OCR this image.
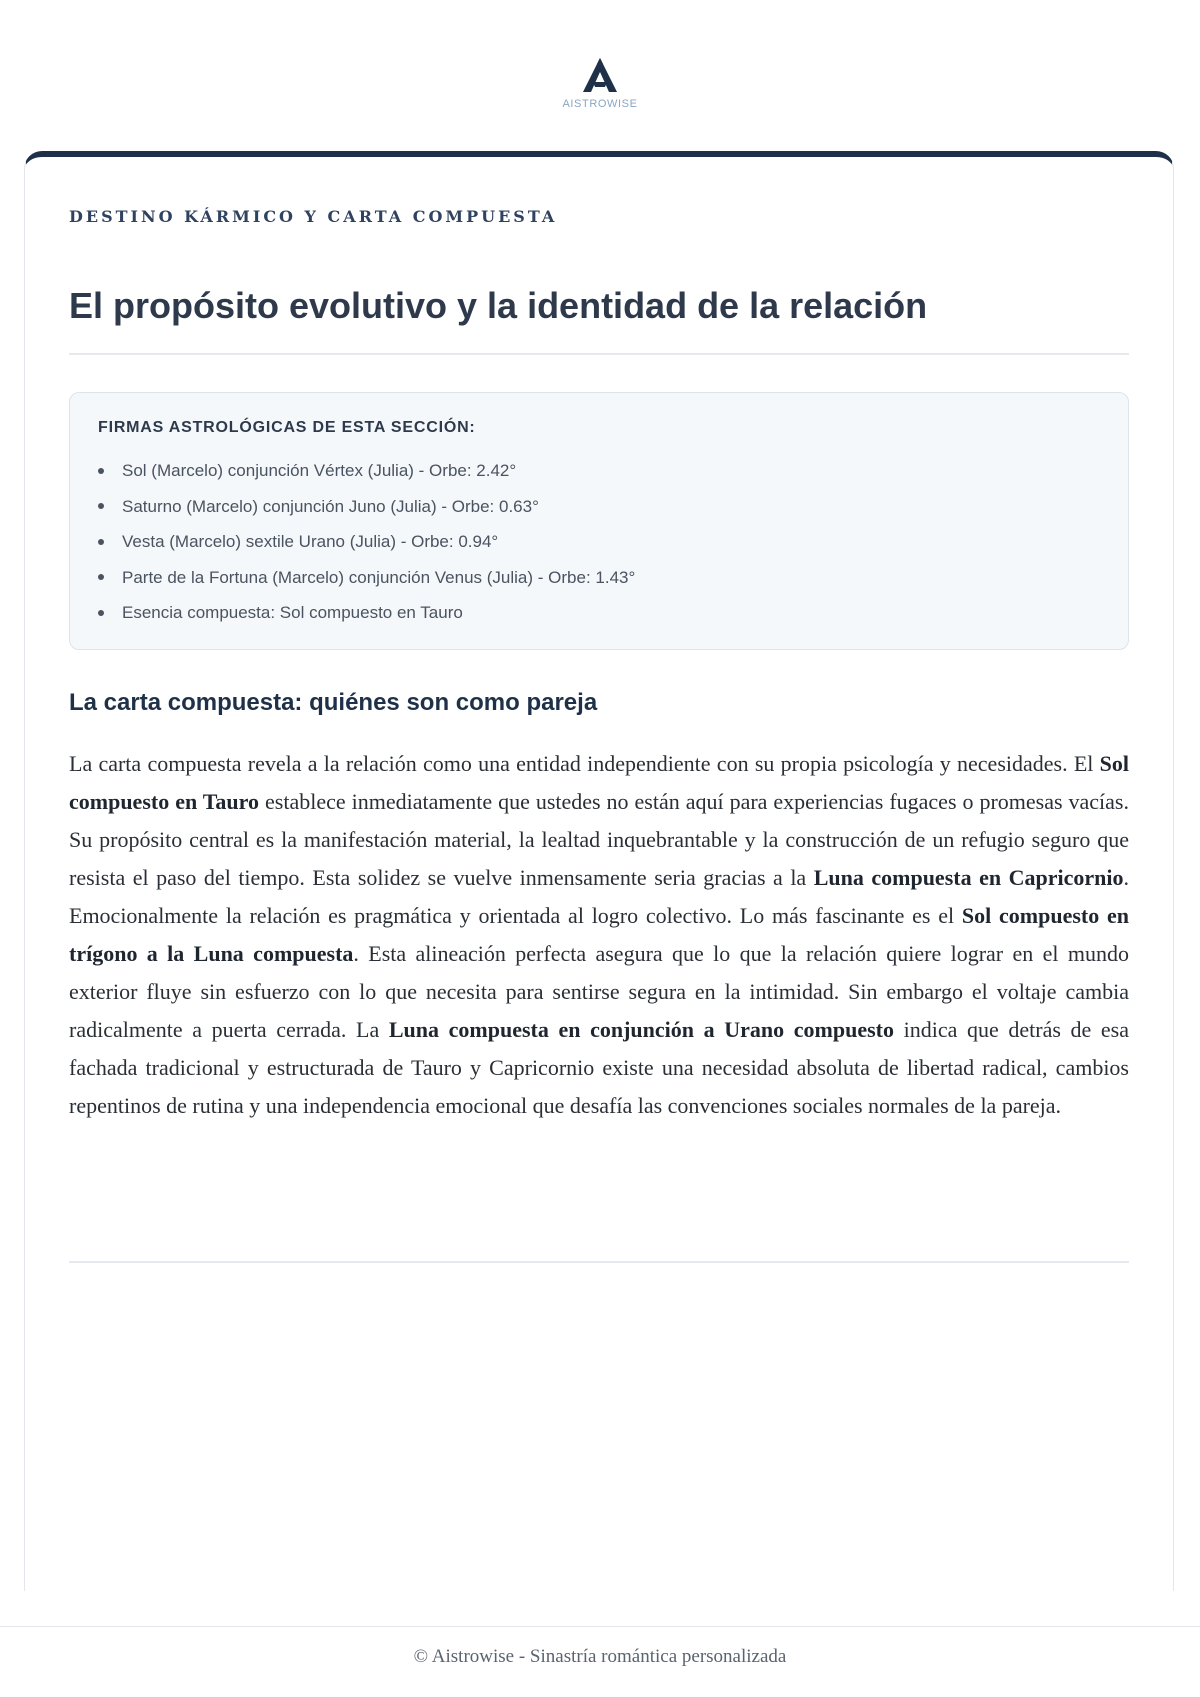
AISTROWISE
DESTINO KÁRMICO Y CARTA COMPUESTA
El propósito evolutivo y la identidad de la relación
FIRMAS ASTROLÓGICAS DE ESTA SECCIÓN:
Sol (Marcelo) conjunción Vértex (Julia) - Orbe: 2.42°
Saturno (Marcelo) conjunción Juno (Julia) - Orbe: 0.63°
Vesta (Marcelo) sextile Urano (Julia) - Orbe: 0.94°
Parte de la Fortuna (Marcelo) conjunción Venus (Julia) - Orbe: 1.43°
Esencia compuesta: Sol compuesto en Tauro
La carta compuesta: quiénes son como pareja

La carta compuesta revela a la relación como una entidad independiente con su propia psicología y necesidades. El Sol compuesto en Tauro establece inmediatamente que ustedes no están aquí para experiencias fugaces o promesas vacías. Su propósito central es la manifestación material, la lealtad inquebrantable y la construcción de un refugio seguro que resista el paso del tiempo. Esta solidez se vuelve inmensamente seria gracias a la Luna compuesta en Capricornio. Emocionalmente la relación es pragmática y orientada al logro colectivo. Lo más fascinante es el Sol compuesto en trígono a la Luna compuesta. Esta alineación perfecta asegura que lo que la relación quiere lograr en el mundo exterior fluye sin esfuerzo con lo que necesita para sentirse segura en la intimidad. Sin embargo el voltaje cambia radicalmente a puerta cerrada. La Luna compuesta en conjunción a Urano compuesto indica que detrás de esa fachada tradicional y estructurada de Tauro y Capricornio existe una necesidad absoluta de libertad radical, cambios repentinos de rutina y una independencia emocional que desafía las convenciones sociales normales de la pareja.

© Aistrowise - Sinastría romántica personalizada
